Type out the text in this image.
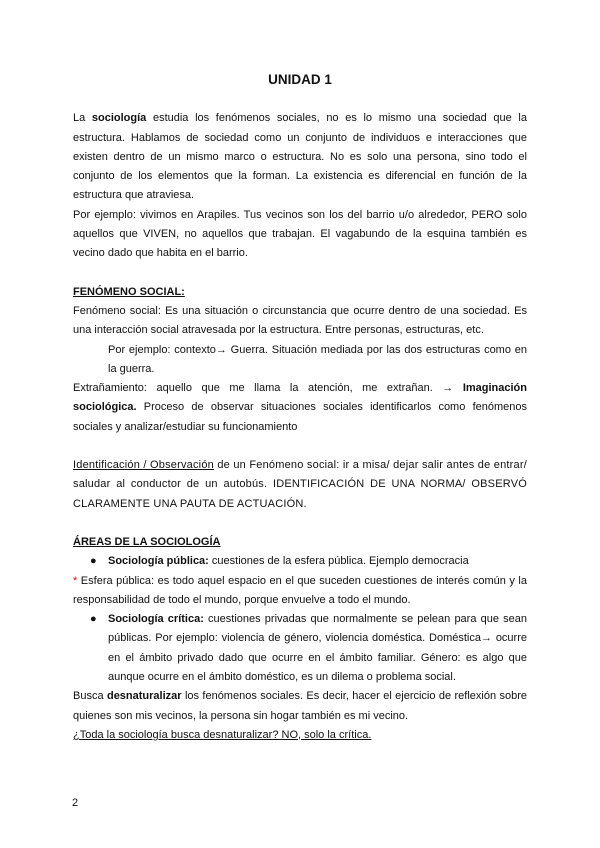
UNIDAD 1

La sociología estudia los fenómenos sociales, no es lo mismo una sociedad que la estructura. Hablamos de sociedad como un conjunto de individuos e interacciones que existen dentro de un mismo marco o estructura. No es solo una persona, sino todo el conjunto de los elementos que la forman. La existencia es diferencial en función de la estructura que atraviesa.

Por ejemplo: vivimos en Arapiles. Tus vecinos son los del barrio u/o alrededor, PERO solo aquellos que VIVEN, no aquellos que trabajan. El vagabundo de la esquina también es vecino dado que habita en el barrio.

FENÓMENO SOCIAL:

Fenómeno social: Es una situación o circunstancia que ocurre dentro de una sociedad. Es una interacción social atravesada por la estructura. Entre personas, estructuras, etc.

Por ejemplo: contexto→ Guerra. Situación mediada por las dos estructuras como en la guerra.

Extrañamiento: aquello que me llama la atención, me extrañan. → Imaginación sociológica. Proceso de observar situaciones sociales identificarlos como fenómenos sociales y analizar/estudiar su funcionamiento

Identificación / Observación de un Fenómeno social: ir a misa/ dejar salir antes de entrar/ saludar al conductor de un autobús. IDENTIFICACIÓN DE UNA NORMA/ OBSERVÓ CLARAMENTE UNA PAUTA DE ACTUACIÓN.

ÁREAS DE LA SOCIOLOGÍA

● Sociología pública: cuestiones de la esfera pública. Ejemplo democracia

* Esfera pública: es todo aquel espacio en el que suceden cuestiones de interés común y la responsabilidad de todo el mundo, porque envuelve a todo el mundo.

● Sociología crítica: cuestiones privadas que normalmente se pelean para que sean públicas. Por ejemplo: violencia de género, violencia doméstica. Doméstica→ ocurre en el ámbito privado dado que ocurre en el ámbito familiar. Género: es algo que aunque ocurre en el ámbito doméstico, es un dilema o problema social.

Busca desnaturalizar los fenómenos sociales. Es decir, hacer el ejercicio de reflexión sobre quienes son mis vecinos, la persona sin hogar también es mi vecino.

¿Toda la sociología busca desnaturalizar? NO, solo la crítica.

2
